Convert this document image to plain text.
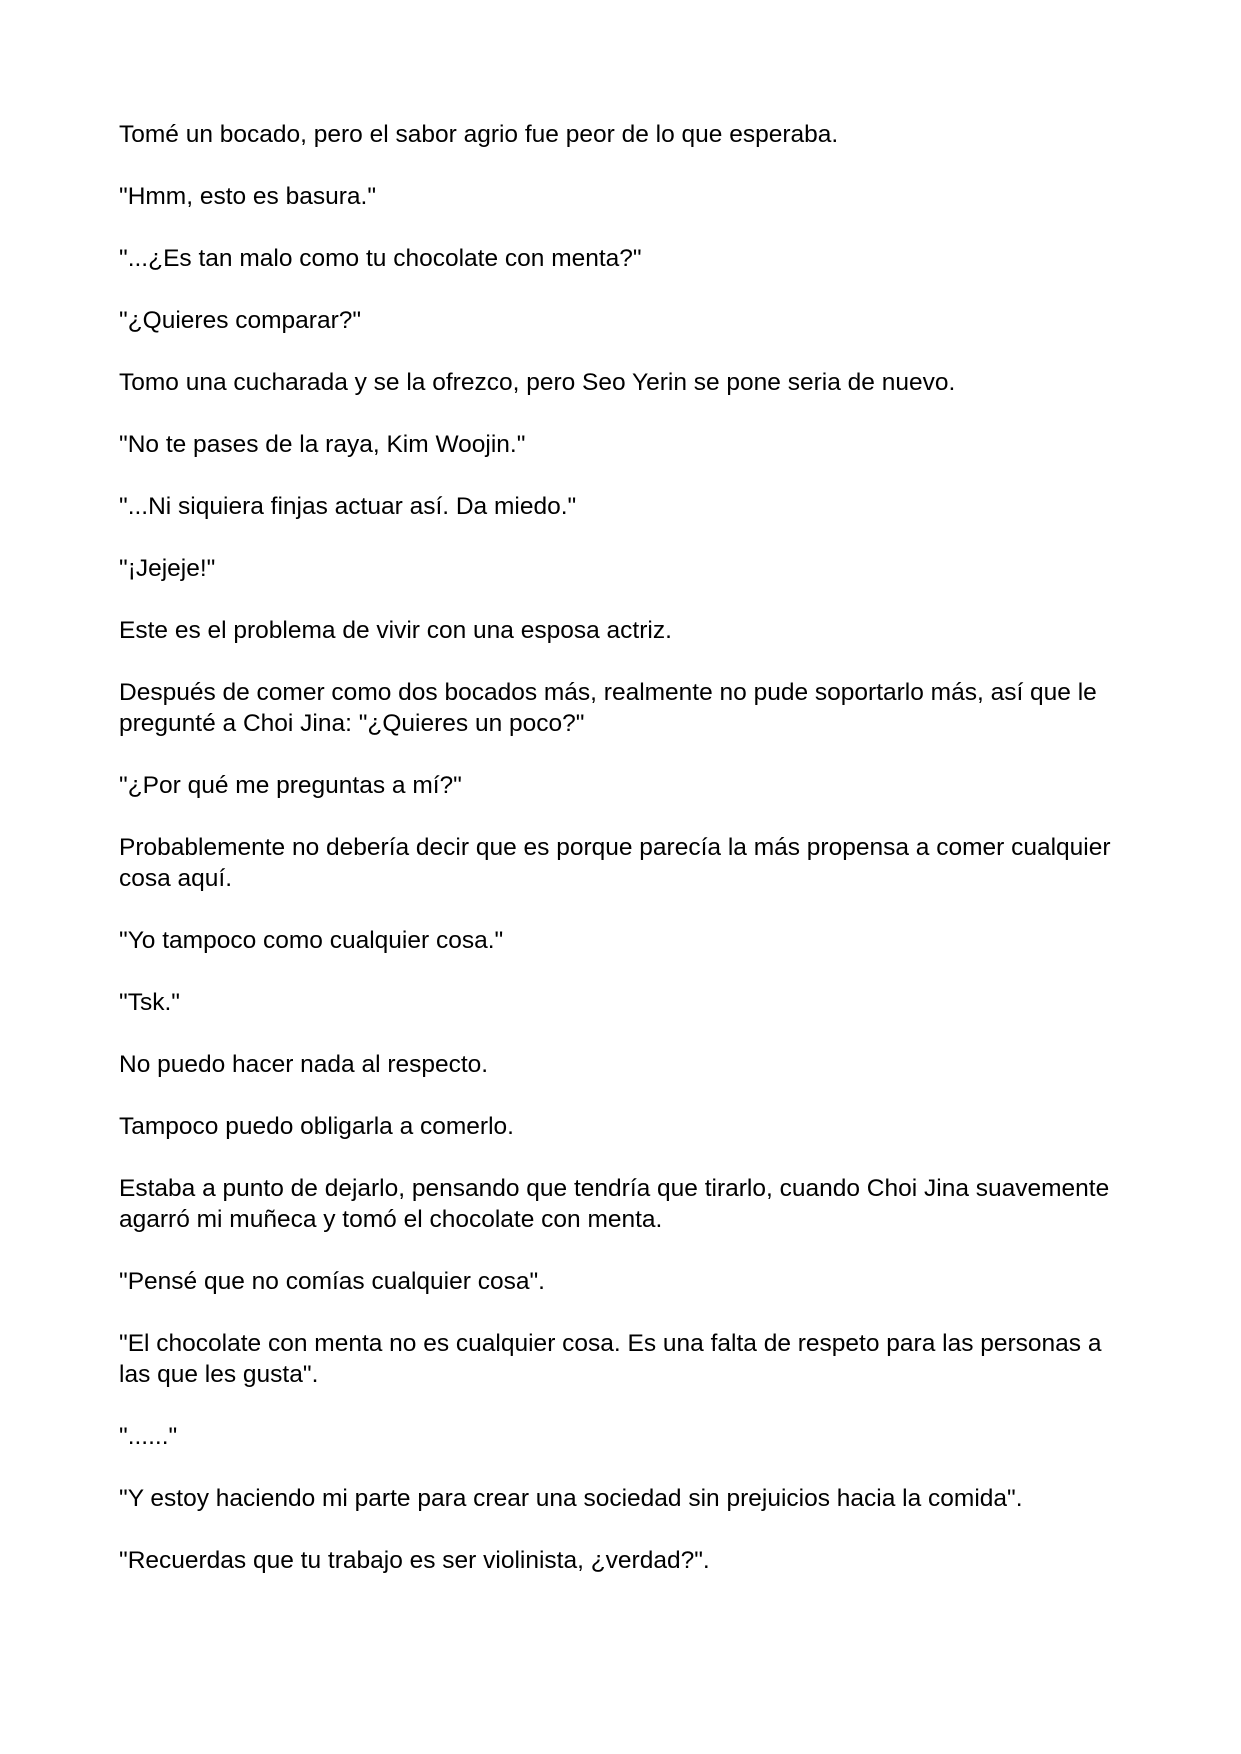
Tomé un bocado, pero el sabor agrio fue peor de lo que esperaba.

"Hmm, esto es basura."

"...¿Es tan malo como tu chocolate con menta?"

"¿Quieres comparar?"

Tomo una cucharada y se la ofrezco, pero Seo Yerin se pone seria de nuevo.

"No te pases de la raya, Kim Woojin."

"...Ni siquiera finjas actuar así. Da miedo."

"¡Jejeje!"

Este es el problema de vivir con una esposa actriz.

Después de comer como dos bocados más, realmente no pude soportarlo más, así que le pregunté a Choi Jina: "¿Quieres un poco?"

"¿Por qué me preguntas a mí?"

Probablemente no debería decir que es porque parecía la más propensa a comer cualquier cosa aquí.

"Yo tampoco como cualquier cosa."

"Tsk."

No puedo hacer nada al respecto.

Tampoco puedo obligarla a comerlo.

Estaba a punto de dejarlo, pensando que tendría que tirarlo, cuando Choi Jina suavemente agarró mi muñeca y tomó el chocolate con menta.

"Pensé que no comías cualquier cosa".

"El chocolate con menta no es cualquier cosa. Es una falta de respeto para las personas a las que les gusta".

"......"

"Y estoy haciendo mi parte para crear una sociedad sin prejuicios hacia la comida".

"Recuerdas que tu trabajo es ser violinista, ¿verdad?".
